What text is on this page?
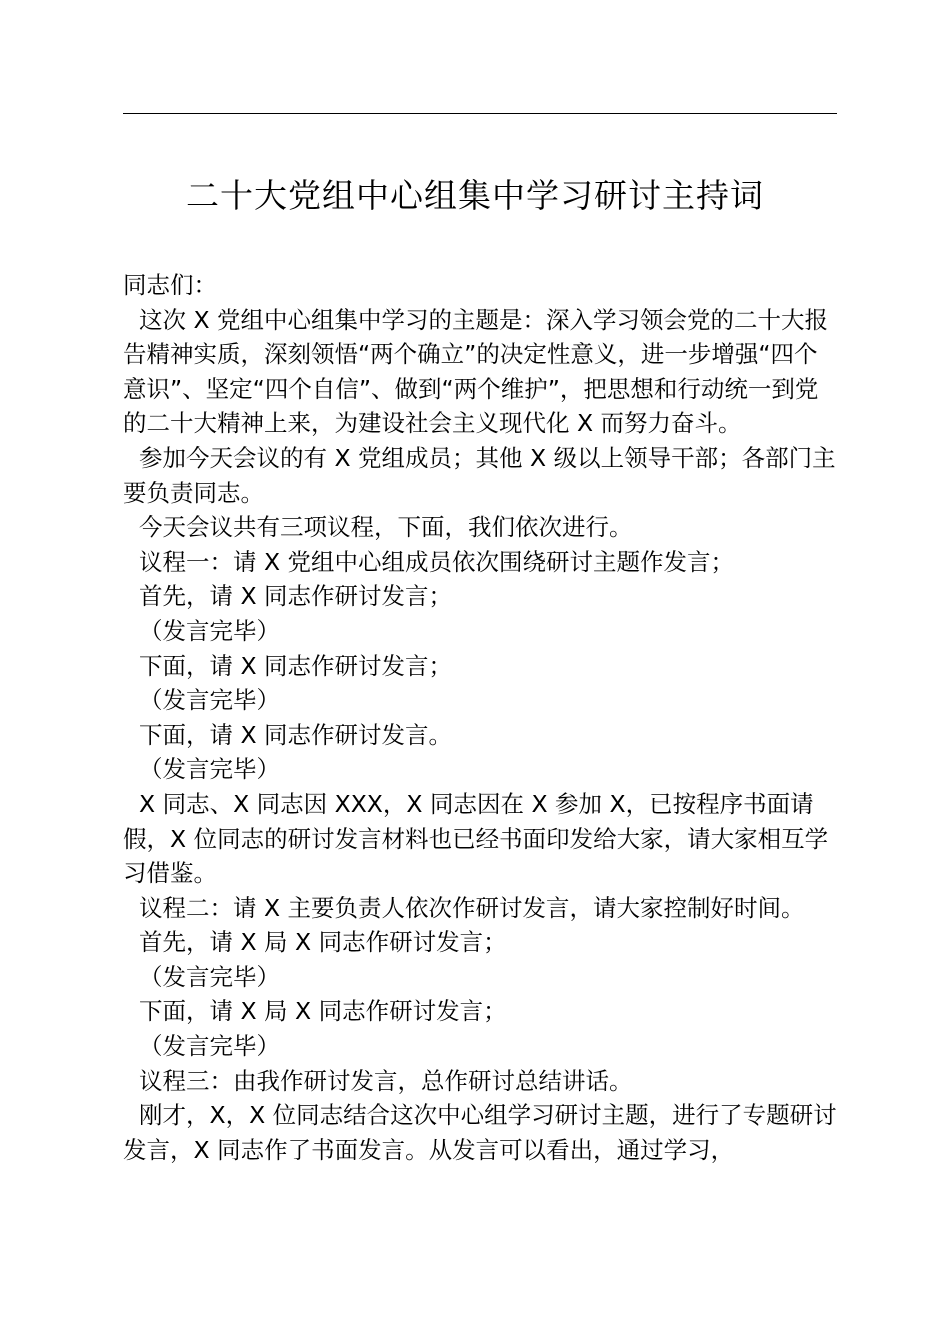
二十大党组中心组集中学习研讨主持词

同志们：

这次 X 党组中心组集中学习的主题是：深入学习领会党的二十大报告精神实质，深刻领悟“两个确立”的决定性意义，进一步增强“四个意识”、坚定“四个自信”、做到“两个维护”，把思想和行动统一到党的二十大精神上来，为建设社会主义现代化 X 而努力奋斗。

参加今天会议的有 X 党组成员；其他 X 级以上领导干部；各部门主要负责同志。

今天会议共有三项议程，下面，我们依次进行。

议程一：请 X 党组中心组成员依次围绕研讨主题作发言；

首先，请 X 同志作研讨发言；

（发言完毕）

下面，请 X 同志作研讨发言；

（发言完毕）

下面，请 X 同志作研讨发言。

（发言完毕）

X 同志、X 同志因 XXX，X 同志因在 X 参加 X，已按程序书面请假，X 位同志的研讨发言材料也已经书面印发给大家，请大家相互学习借鉴。

议程二：请 X 主要负责人依次作研讨发言，请大家控制好时间。

首先，请 X 局 X 同志作研讨发言；

（发言完毕）

下面，请 X 局 X 同志作研讨发言；

（发言完毕）

议程三：由我作研讨发言，总作研讨总结讲话。

刚才，X，X 位同志结合这次中心组学习研讨主题，进行了专题研讨发言，X 同志作了书面发言。从发言可以看出，通过学习，
